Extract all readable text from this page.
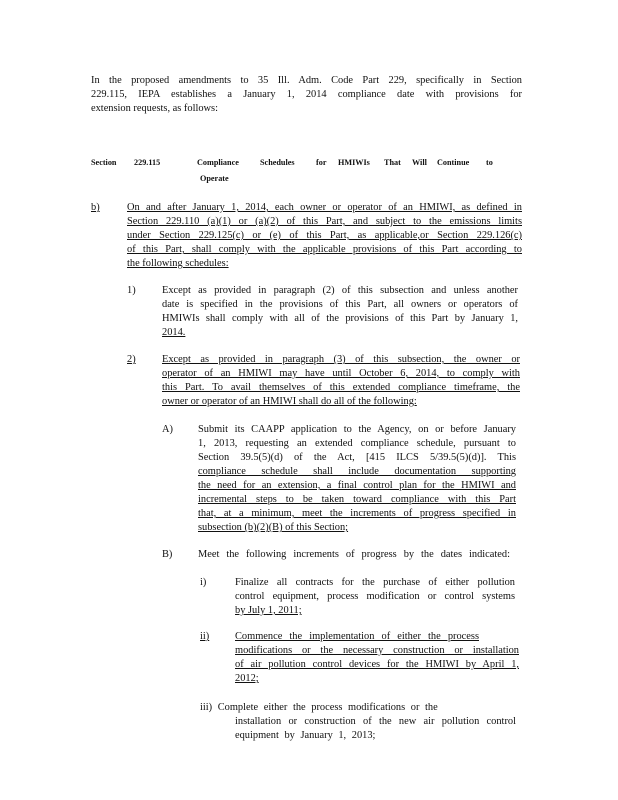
In the proposed amendments to 35 Ill. Adm. Code Part 229, specifically in Section
229.115, IEPA establishes a January 1, 2014 compliance date with provisions for
extension requests, as follows:
Section 229.115	Compliance
Operate
Schedules	for HMIWIs That Will Continue to
b)	On and after January 1, 2014, each owner or operator of an HMIWI, as defined in
Section 229.110 (a)(1) or (a)(2) of this Part, and subject to the emissions limits
under Section 229.125(c) or (e) of this Part, as applicable,or Section 229.126(c)
of this Part, shall comply with the applicable provisions of this Part according to
the following schedules:
1)	Except as provided in paragraph (2) of this subsection and unless another
date is specified in the provisions of this Part, all owners or operators of
HMIWIs shall comply with all of the provisions of this Part by January 1,
2014.
2)	Except as provided in paragraph (3) of this subsection, the owner or
operator of an HMIWI may have until October 6, 2014, to comply with
this Part. To avail themselves of this extended compliance timeframe, the
owner or operator of an HMIWI shall do all of the following:
A) Submit its CAAPP application to the Agency, on or before January
1, 2013, requesting an extended compliance schedule, pursuant to
Section 39.5(5)(d) of the Act, [415 ILCS 5/39.5(5)(d)]. This
compliance schedule shall include documentation supporting
the need for an extension, a final control plan for the HMIWI and
incremental steps to be taken toward compliance with this Part
that, at a minimum, meet the increments of progress specified in
subsection (b)(2)(B) of this Section;
B) Meet the following increments of progress by the dates indicated:
i)	Finalize all contracts for the purchase of either pollution
control equipment, process modification or control systems
by July 1, 2011;
ii) Commence the implementation of either the process
modifications or the necessary construction or installation
of air pollution control devices for the HMIWI by April 1,
2012;
iii) Complete either the process modifications or the
installation or construction of the new air pollution control
equipment by January 1, 2013;
